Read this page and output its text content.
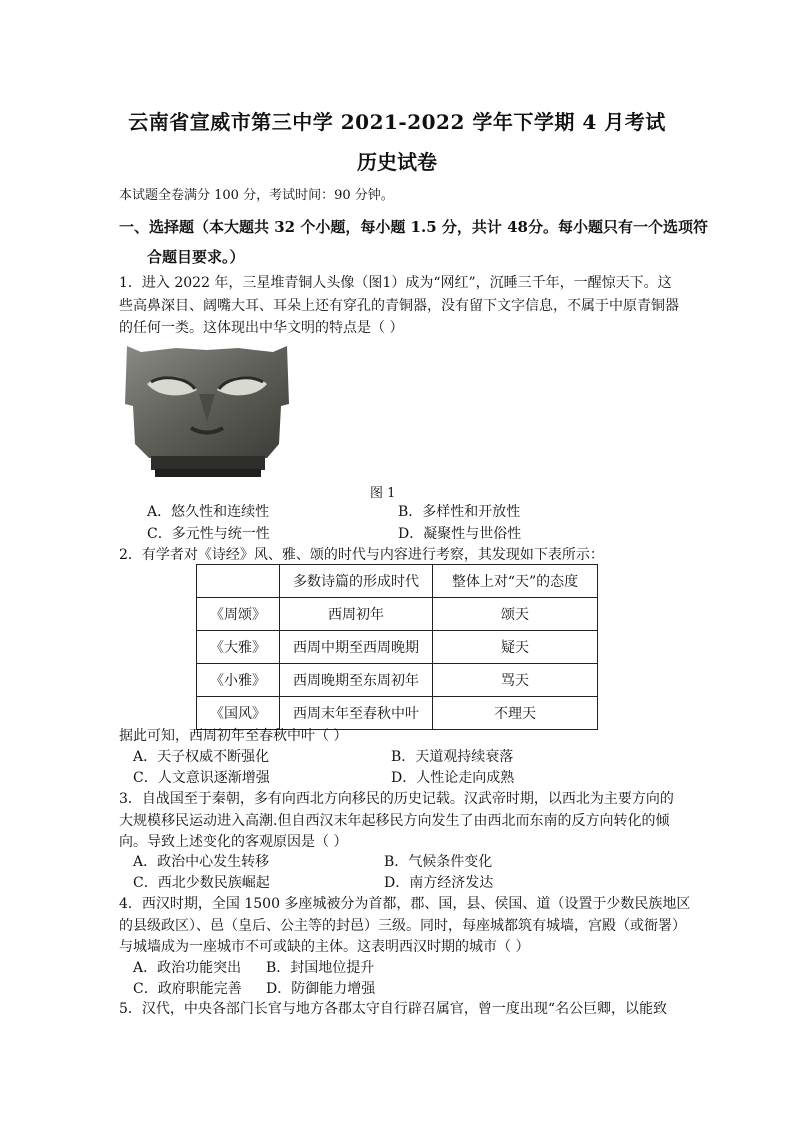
云南省宣威市第三中学 2021-2022 学年下学期 4 月考试
历史试卷
本试题全卷满分 100 分，考试时间：90 分钟。
一、选择题（本大题共 32 个小题，每小题 1.5 分，共计 48分。每小题只有一个选项符
合题目要求。）
1．进入 2022 年，三星堆青铜人头像（图1）成为“网红”，沉睡三千年，一醒惊天下。这
些高鼻深目、阔嘴大耳、耳朵上还有穿孔的青铜器，没有留下文字信息，不属于中原青铜器
的任何一类。这体现出中华文明的特点是（ ）
图 1
A．悠久性和连续性	B．多样性和开放性
C．多元性与统一性	D．凝聚性与世俗性
2．有学者对《诗经》风、雅、颂的时代与内容进行考察，其发现如下表所示：
	多数诗篇的形成时代	整体上对“天”的态度
《周颂》	西周初年	颂天
《大雅》	西周中期至西周晚期	疑天
《小雅》	西周晚期至东周初年	骂天
《国风》	西周末年至春秋中叶	不理天
据此可知，西周初年至春秋中叶（ ）
A．天子权威不断强化	B．天道观持续衰落
C．人文意识逐渐增强	D．人性论走向成熟
3．自战国至于秦朝，多有向西北方向移民的历史记载。汉武帝时期，以西北为主要方向的
大规模移民运动进入高潮.但自西汉末年起移民方向发生了由西北而东南的反方向转化的倾
向。导致上述变化的客观原因是（ ）
A．政治中心发生转移	B．气候条件变化
C．西北少数民族崛起	D．南方经济发达
4．西汉时期，全国 1500 多座城被分为首都，郡、国，县、侯国、道（设置于少数民族地区
的县级政区）、邑（皇后、公主等的封邑）三级。同时，每座城都筑有城墙，宫殿（或衙署）
与城墙成为一座城市不可或缺的主体。这表明西汉时期的城市（ ）
A．政治功能突出 B．封国地位提升
C．政府职能完善 D．防御能力增强
5．汉代，中央各部门长官与地方各郡太守自行辟召属官，曾一度出现“名公巨卿，以能致
